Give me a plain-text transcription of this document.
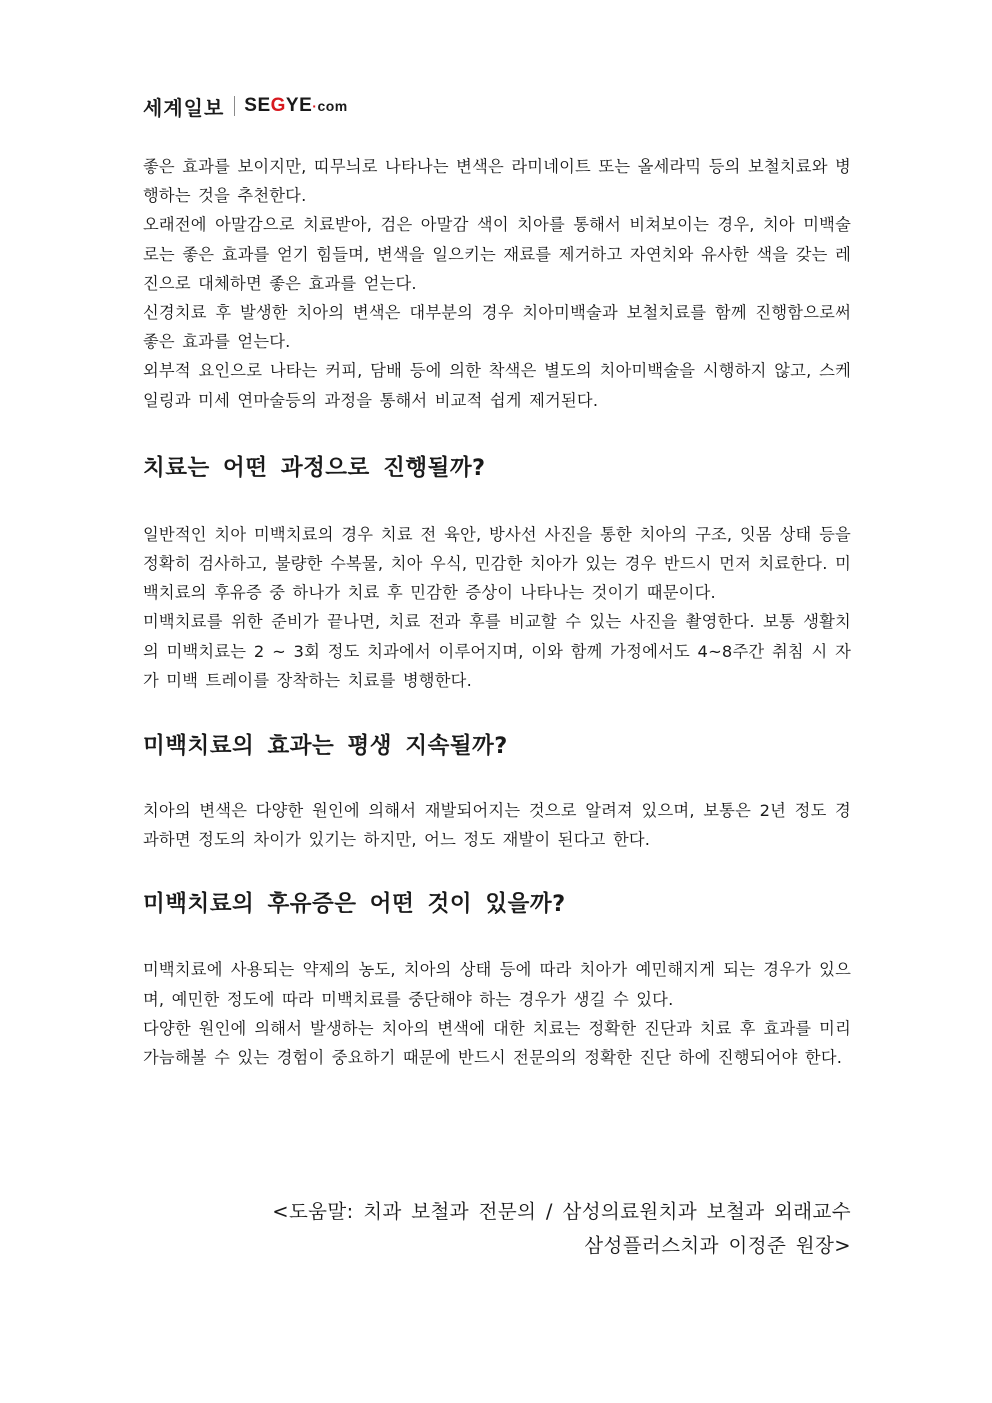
세계일보 SEGYE·com

좋은 효과를 보이지만, 띠무늬로 나타나는 변색은 라미네이트 또는 올세라믹 등의 보철치료와 병행하는 것을 추천한다.

오래전에 아말감으로 치료받아, 검은 아말감 색이 치아를 통해서 비쳐보이는 경우, 치아 미백술로는 좋은 효과를 얻기 힘들며, 변색을 일으키는 재료를 제거하고 자연치와 유사한 색을 갖는 레진으로 대체하면 좋은 효과를 얻는다.

신경치료 후 발생한 치아의 변색은 대부분의 경우 치아미백술과 보철치료를 함께 진행함으로써 좋은 효과를 얻는다.

외부적 요인으로 나타는 커피, 담배 등에 의한 착색은 별도의 치아미백술을 시행하지 않고, 스케일링과 미세 연마술등의 과정을 통해서 비교적 쉽게 제거된다.

치료는 어떤 과정으로 진행될까?

일반적인 치아 미백치료의 경우 치료 전 육안, 방사선 사진을 통한 치아의 구조, 잇몸 상태 등을 정확히 검사하고, 불량한 수복물, 치아 우식, 민감한 치아가 있는 경우 반드시 먼저 치료한다. 미백치료의 후유증 중 하나가 치료 후 민감한 증상이 나타나는 것이기 때문이다.

미백치료를 위한 준비가 끝나면, 치료 전과 후를 비교할 수 있는 사진을 촬영한다. 보통 생활치의 미백치료는 2 ~ 3회 정도 치과에서 이루어지며, 이와 함께 가정에서도 4~8주간 취침 시 자가 미백 트레이를 장착하는 치료를 병행한다.

미백치료의 효과는 평생 지속될까?

치아의 변색은 다양한 원인에 의해서 재발되어지는 것으로 알려져 있으며, 보통은 2년 정도 경과하면 정도의 차이가 있기는 하지만, 어느 정도 재발이 된다고 한다.

미백치료의 후유증은 어떤 것이 있을까?

미백치료에 사용되는 약제의 농도, 치아의 상태 등에 따라 치아가 예민해지게 되는 경우가 있으며, 예민한 정도에 따라 미백치료를 중단해야 하는 경우가 생길 수 있다.

다양한 원인에 의해서 발생하는 치아의 변색에 대한 치료는 정확한 진단과 치료 후 효과를 미리 가늠해볼 수 있는 경험이 중요하기 때문에 반드시 전문의의 정확한 진단 하에 진행되어야 한다.

<도움말: 치과 보철과 전문의 / 삼성의료원치과 보철과 외래교수
삼성플러스치과 이정준 원장>
